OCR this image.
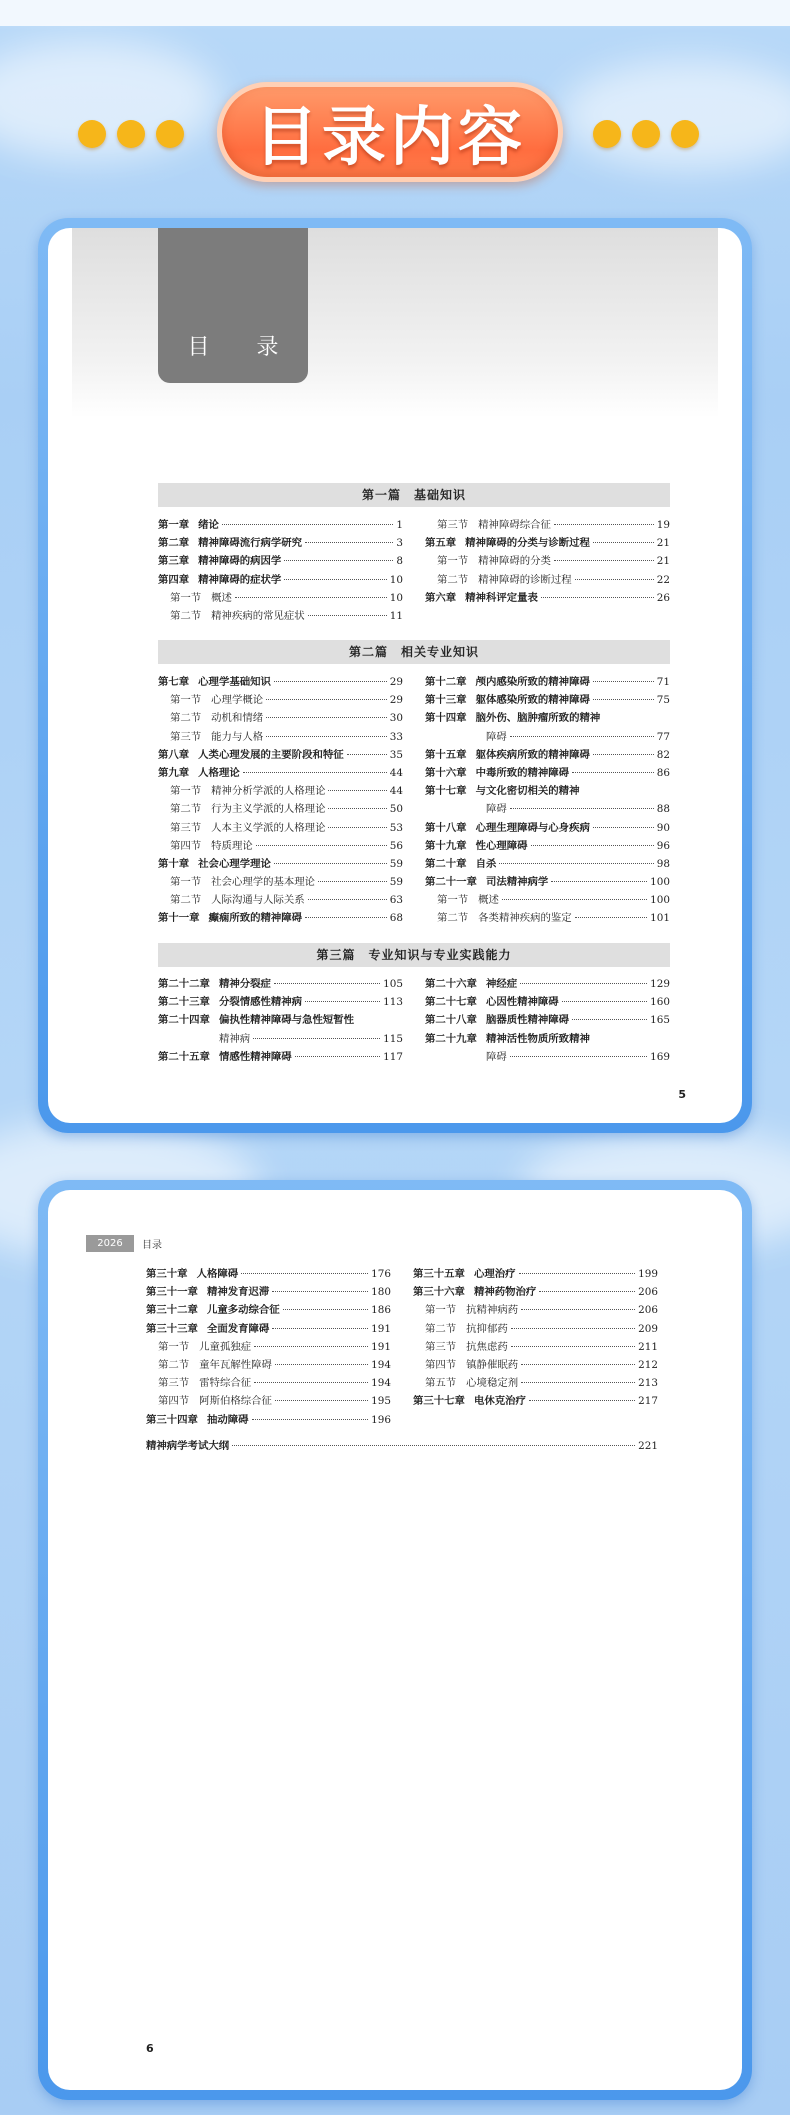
目录内容
目 录
5
第一篇　基础知识
第一章 绪论	1
第二章 精神障碍流行病学研究	3
第三章 精神障碍的病因学	8
第四章 精神障碍的症状学	10
第一节 概述	10
第二节 精神疾病的常见症状	11
第三节 精神障碍综合征	19
第五章 精神障碍的分类与诊断过程	21
第一节 精神障碍的分类	21
第二节 精神障碍的诊断过程	22
第六章 精神科评定量表	26
第二篇　相关专业知识
第七章 心理学基础知识	29
第一节 心理学概论	29
第二节 动机和情绪	30
第三节 能力与人格	33
第八章 人类心理发展的主要阶段和特征	35
第九章 人格理论	44
第一节 精神分析学派的人格理论	44
第二节 行为主义学派的人格理论	50
第三节 人本主义学派的人格理论	53
第四节 特质理论	56
第十章 社会心理学理论	59
第一节 社会心理学的基本理论	59
第二节 人际沟通与人际关系	63
第十一章 癫痫所致的精神障碍	68
第十二章 颅内感染所致的精神障碍	71
第十三章 躯体感染所致的精神障碍	75
第十四章 脑外伤、脑肿瘤所致的精神
障碍	77
第十五章 躯体疾病所致的精神障碍	82
第十六章 中毒所致的精神障碍	86
第十七章 与文化密切相关的精神
障碍	88
第十八章 心理生理障碍与心身疾病	90
第十九章 性心理障碍	96
第二十章 自杀	98
第二十一章 司法精神病学	100
第一节 概述	100
第二节 各类精神疾病的鉴定	101
第三篇　专业知识与专业实践能力
第二十二章 精神分裂症	105
第二十三章 分裂情感性精神病	113
第二十四章 偏执性精神障碍与急性短暂性
精神病	115
第二十五章 情感性精神障碍	117
第二十六章 神经症	129
第二十七章 心因性精神障碍	160
第二十八章 脑器质性精神障碍	165
第二十九章 精神活性物质所致精神
障碍	169
2026	目录
6
第三十章 人格障碍	176
第三十一章 精神发育迟滞	180
第三十二章 儿童多动综合征	186
第三十三章 全面发育障碍	191
第一节 儿童孤独症	191
第二节 童年瓦解性障碍	194
第三节 雷特综合征	194
第四节 阿斯伯格综合征	195
第三十四章 抽动障碍	196
第三十五章 心理治疗	199
第三十六章 精神药物治疗	206
第一节 抗精神病药	206
第二节 抗抑郁药	209
第三节 抗焦虑药	211
第四节 镇静催眠药	212
第五节 心境稳定剂	213
第三十七章 电休克治疗	217
精神病学考试大纲	221
